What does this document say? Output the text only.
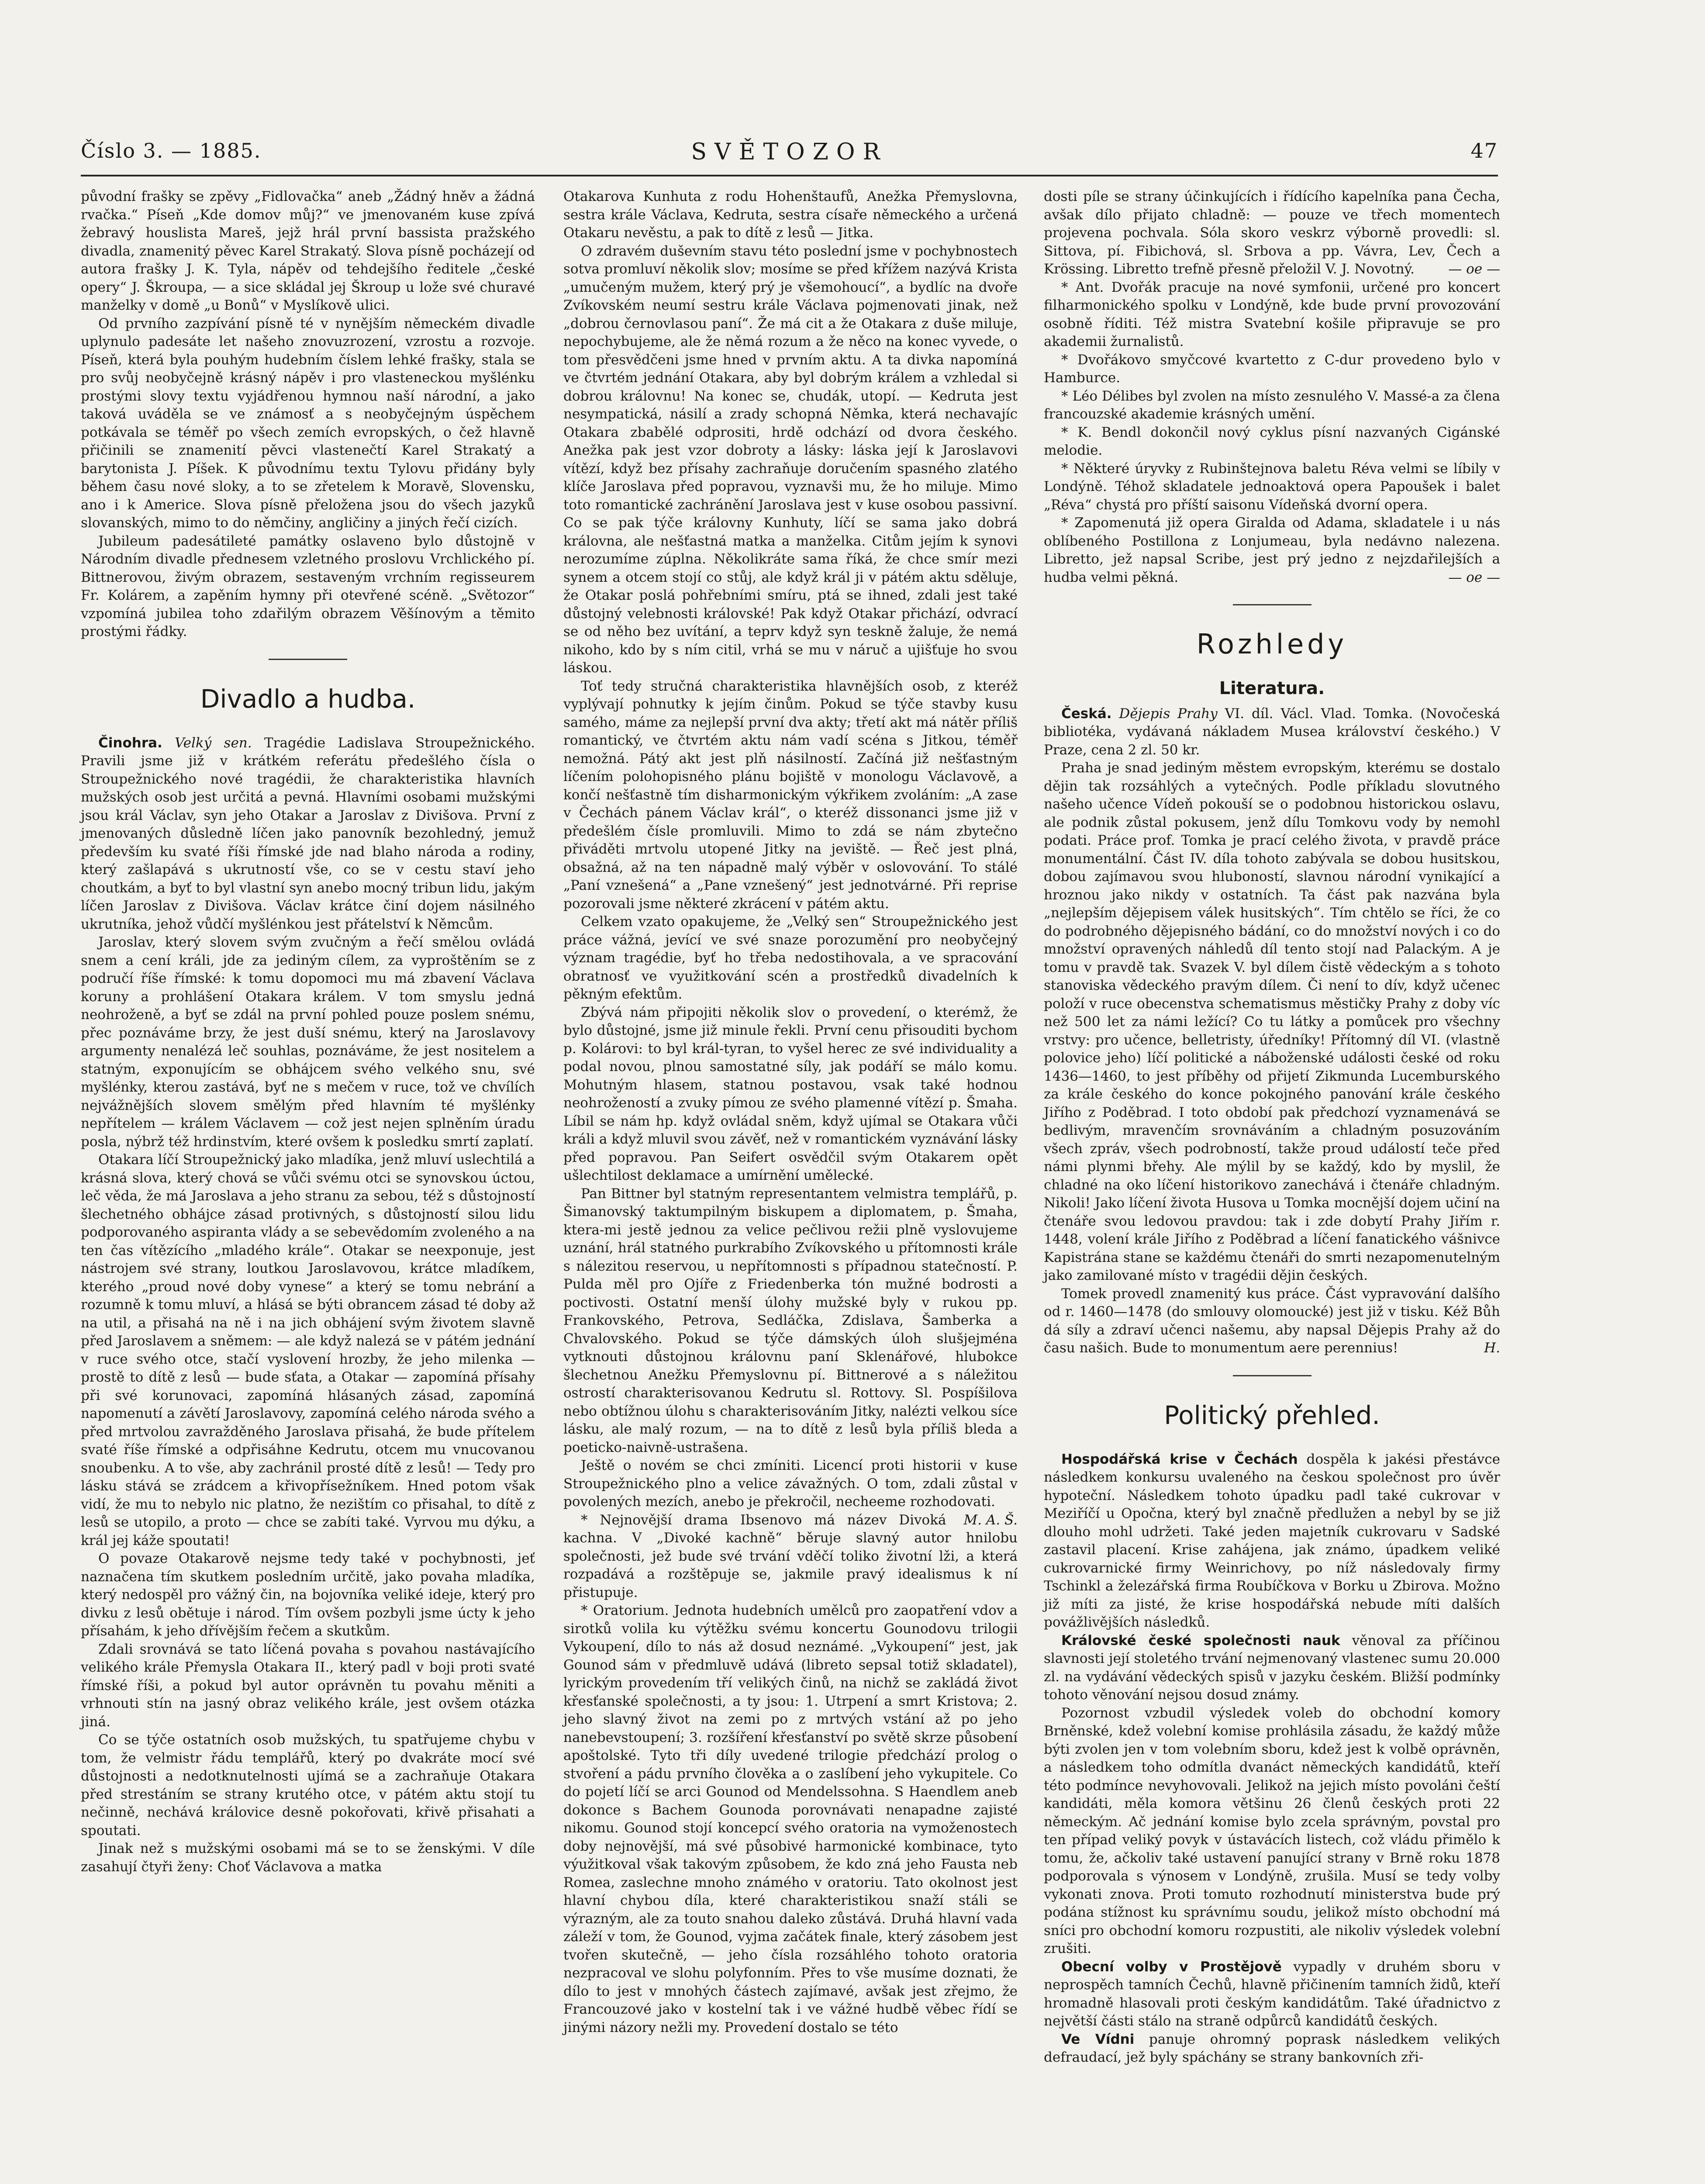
Číslo 3. — 1885.	SVĚTOZOR	47

původní frašky se zpěvy „Fidlovačka“ aneb „Žádný hněv a žádná rvačka.“ Píseň „Kde domov můj?“ ve jmenovaném kuse zpívá žebravý houslista Mareš, jejž hrál první bassista pražského divadla, znamenitý pěvec Karel Strakatý. Slova písně pocházejí od autora frašky J. K. Tyla, nápěv od tehdejšího ředitele „české opery“ J. Škroupa, — a sice skládal jej Škroup u lože své churavé manželky v domě „u Bonů“ v Myslíkově ulici.

Od prvního zazpívání písně té v nynějším německém divadle uplynulo padesáte let našeho znovuzrození, vzrostu a rozvoje. Píseň, která byla pouhým hudebním číslem lehké frašky, stala se pro svůj neobyčejně krásný nápěv i pro vlasteneckou myšlénku prostými slovy textu vyjádřenou hymnou naší národní, a jako taková uváděla se ve známosť a s neobyčejným úspěchem potkávala se téměř po všech zemích evropských, o čež hlavně přičinili se znamenití pěvci vlastenečtí Karel Strakatý a barytonista J. Píšek. K původnímu textu Tylovu přidány byly během času nové sloky, a to se zřetelem k Moravě, Slovensku, ano i k Americe. Slova písně přeložena jsou do všech jazyků slovanských, mimo to do němčiny, angličiny a jiných řečí cizích.

Jubileum padesátileté památky oslaveno bylo důstojně v Národním divadle přednesem vzletného proslovu Vrchlického pí. Bittnerovou, živým obrazem, sestaveným vrchním regisseurem Fr. Kolárem, a zapěním hymny při otevřené scéně. „Světozor“ vzpomíná jubilea toho zdařilým obrazem Věšínovým a těmito prostými řádky.

Divadlo a hudba.

Činohra. Velký sen. Tragédie Ladislava Stroupežnického. Pravili jsme již v krátkém referátu předešlého čísla o Stroupežnického nové tragédii, že charakteristika hlavních mužských osob jest určitá a pevná. Hlavními osobami mužskými jsou král Václav, syn jeho Otakar a Jaroslav z Divišova. První z jmenovaných důsledně líčen jako panovník bezohledný, jemuž především ku svaté říši římské jde nad blaho národa a rodiny, který zašlapává s ukrutností vše, co se v cestu staví jeho choutkám, a byť to byl vlastní syn anebo mocný tribun lidu, jakým líčen Jaroslav z Divišova. Václav krátce činí dojem násilného ukrutníka, jehož vůdčí myšlénkou jest přátelství k Němcům.

Jaroslav, který slovem svým zvučným a řečí smělou ovládá snem a cení králi, jde za jediným cílem, za vyproštěním se z područí říše římské: k tomu dopomoci mu má zbavení Václava koruny a prohlášení Otakara králem. V tom smyslu jedná neohroženě, a byť se zdál na první pohled pouze poslem snému, přec poznáváme brzy, že jest duší snému, který na Jaroslavovy argumenty nenalézá leč souhlas, poznáváme, že jest nositelem a statným, exponujícím se obhájcem svého velkého snu, své myšlénky, kterou zastává, byť ne s mečem v ruce, tož ve chvílích nejvážnějších slovem smělým před hlavním té myšlénky nepřítelem — králem Václavem — což jest nejen splněním úradu posla, nýbrž též hrdinstvím, které ovšem k posledku smrtí zaplatí.

Otakara líčí Stroupežnický jako mladíka, jenž mluví uslechtilá a krásná slova, který chová se vůči svému otci se synovskou úctou, leč věda, že má Jaroslava a jeho stranu za sebou, též s důstojností šlechetného obhájce zásad protivných, s důstojností silou lidu podporovaného aspiranta vlády a se sebevědomím zvoleného a na ten čas vítězícího „mladého krále“. Otakar se neexponuje, jest nástrojem své strany, loutkou Jaroslavovou, krátce mladíkem, kterého „proud nové doby vynese“ a který se tomu nebrání a rozumně k tomu mluví, a hlásá se býti obrancem zásad té doby až na util, a přisahá na ně i na jich obhájení svým životem slavně před Jaroslavem a sněmem: — ale když nalezá se v pátém jednání v ruce svého otce, stačí vyslovení hrozby, že jeho milenka — prostě to dítě z lesů — bude sťata, a Otakar — zapomíná přísahy při své korunovaci, zapomíná hlásaných zásad, zapomíná napomenutí a závětí Jaroslavovy, zapomíná celého národa svého a před mrtvolou zavražděného Jaroslava přisahá, že bude přítelem svaté říše římské a odpřisáhne Kedrutu, otcem mu vnucovanou snoubenku. A to vše, aby zachránil prosté dítě z lesů! — Tedy pro lásku stává se zrádcem a křivopřísežníkem. Hned potom však vidí, že mu to nebylo nic platno, že nezištím co přisahal, to dítě z lesů se utopilo, a proto — chce se zabíti také. Vyrvou mu dýku, a král jej káže spoutati!

O povaze Otakarově nejsme tedy také v pochybnosti, jeť naznačena tím skutkem posledním určitě, jako povaha mladíka, který nedospěl pro vážný čin, na bojovníka veliké ideje, který pro divku z lesů obětuje i národ. Tím ovšem pozbyli jsme úcty k jeho přísahám, k jeho dřívějším řečem a skutkům.

Zdali srovnává se tato líčená povaha s povahou nastávajícího velikého krále Přemysla Otakara II., který padl v boji proti svaté římské říši, a pokud byl autor oprávněn tu povahu měniti a vrhnouti stín na jasný obraz velikého krále, jest ovšem otázka jiná.

Co se týče ostatních osob mužských, tu spatřujeme chybu v tom, že velmistr řádu templářů, který po dvakráte mocí své důstojnosti a nedotknutelnosti ujímá se a zachraňuje Otakara před strestáním se strany krutého otce, v pátém aktu stojí tu nečinně, nechává královice desně pokořovati, křivě přisahati a spoutati.

Jinak než s mužskými osobami má se to se ženskými. V díle zasahují čtyři ženy: Choť Václavova a matka

Otakarova Kunhuta z rodu Hohenštaufů, Anežka Přemyslovna, sestra krále Václava, Kedruta, sestra císaře německého a určená Otakaru nevěstu, a pak to dítě z lesů — Jitka.

O zdravém duševním stavu této poslední jsme v pochybnostech sotva promluví několik slov; mosíme se před křížem nazývá Krista „umučeným mužem, který prý je všemohoucí“, a bydlíc na dvoře Zvíkovském neumí sestru krále Václava pojmenovati jinak, než „dobrou černovlasou paní“. Že má cit a že Otakara z duše miluje, nepochybujeme, ale že němá rozum a že něco na konec vyvede, o tom přesvědčeni jsme hned v prvním aktu. A ta divka napomíná ve čtvrtém jednání Otakara, aby byl dobrým králem a vzhledal si dobrou královnu! Na konec se, chudák, utopí. — Kedruta jest nesympatická, násilí a zrady schopná Němka, která nechavajíc Otakara zbabělé odprositi, hrdě odchází od dvora českého. Anežka pak jest vzor dobroty a lásky: láska její k Jaroslavovi vítězí, když bez přísahy zachraňuje doručením spasného zlatého klíče Jaroslava před popravou, vyznavši mu, že ho miluje. Mimo toto romantické zachránění Jaroslava jest v kuse osobou passivní. Co se pak týče královny Kunhuty, líčí se sama jako dobrá královna, ale nešťastná matka a manželka. Citům jejím k synovi nerozumíme zúplna. Několikráte sama říká, že chce smír mezi synem a otcem stojí co stůj, ale když král ji v pátém aktu sděluje, že Otakar poslá pohřebními smíru, ptá se ihned, zdali jest také důstojný velebnosti královské! Pak když Otakar přichází, odvrací se od něho bez uvítání, a teprv když syn teskně žaluje, že nemá nikoho, kdo by s ním citil, vrhá se mu v náruč a ujišťuje ho svou láskou.

Toť tedy stručná charakteristika hlavnějších osob, z kteréž vyplývají pohnutky k jejím činům. Pokud se týče stavby kusu samého, máme za nejlepší první dva akty; třetí akt má nátěr příliš romantický, ve čtvrtém aktu nám vadí scéna s Jitkou, téměř nemožná. Pátý akt jest plň násilností. Začíná již nešťastným líčením polohopisného plánu bojiště v monologu Václavově, a končí nešťastně tím disharmonickým výkřikem zvoláním: „A zase v Čechách pánem Václav král“, o kteréž dissonanci jsme již v předešlém čísle promluvili. Mimo to zdá se nám zbytečno přiváděti mrtvolu utopené Jitky na jeviště. — Řeč jest plná, obsažná, až na ten nápadně malý výběr v oslovování. To stálé „Paní vznešená“ a „Pane vznešený“ jest jednotvárné. Při reprise pozorovali jsme některé zkrácení v pátém aktu.

Celkem vzato opakujeme, že „Velký sen“ Stroupežnického jest práce vážná, jevící ve své snaze porozumění pro neobyčejný význam tragédie, byť ho třeba nedostihovala, a ve spracování obratnosť ve využitkování scén a prostředků divadelních k pěkným efektům.

Zbývá nám připojiti několik slov o provedení, o kterémž, že bylo důstojné, jsme již minule řekli. První cenu přisouditi bychom p. Kolárovi: to byl král-tyran, to vyšel herec ze své individuality a podal novou, plnou samostatné síly, jak podáří se málo komu. Mohutným hlasem, statnou postavou, vsak také hodnou neohrožeností a zvuky pímou ze svého plamenné vítězí p. Šmaha. Líbil se nám hp. když ovládal sněm, když ujímal se Otakara vůči králi a když mluvil svou závěť, než v romantickém vyznávání lásky před popravou. Pan Seifert osvědčil svým Otakarem opět ušlechtilost deklamace a umírnění umělecké.

Pan Bittner byl statným representantem velmistra templářů, p. Šimanovský taktumpilným biskupem a diplomatem, p. Šmaha, ktera-mi jestě jednou za velice pečlivou režii plně vyslovujeme uznání, hrál statného purkrabího Zvíkovského u přítomnosti krále s nálezitou reservou, u nepřítomnosti s případnou statečností. P. Pulda měl pro Ojíře z Friedenberka tón mužné bodrosti a poctivosti. Ostatní menší úlohy mužské byly v rukou pp. Frankovského, Petrova, Sedláčka, Zdislava, Šamberka a Chvalovského. Pokud se týče dámských úloh slušjejména vytknouti důstojnou královnu paní Sklenářové, hlubokce šlechetnou Anežku Přemyslovnu pí. Bittnerové a s náležitou ostrostí charakterisovanou Kedrutu sl. Rottovy. Sl. Pospíšilova nebo obtížnou úlohu s charakterisováním Jitky, nalézti velkou síce lásku, ale malý rozum, — na to dítě z lesů byla příliš bleda a poeticko-naivně-ustrašena.

Ještě o novém se chci zmíniti. Licencí proti historii v kuse Stroupežnického plno a velice závažných. O tom, zdali zůstal v povolených mezích, anebo je překročil, necheeme rozhodovati.
M. A. Š.

* Nejnovější drama Ibsenovo má název Divoká kachna. V „Divoké kachně“ běruje slavný autor hnilobu společnosti, jež bude své trvání vděčí toliko životní lži, a která rozpadává a rozštěpuje se, jakmile pravý idealismus k ní přistupuje.

* Oratorium. Jednota hudebních umělců pro zaopatření vdov a sirotků volila ku výtěžku svému koncertu Gounodovu trilogii Vykoupení, dílo to nás až dosud neznámé. „Vykoupení“ jest, jak Gounod sám v předmluvě udává (libreto sepsal totiž skladatel), lyrickým provedením tří velikých činů, na nichž se zakládá život křesťanské společnosti, a ty jsou: 1. Utrpení a smrt Kristova; 2. jeho slavný život na zemi po z mrtvých vstání až po jeho nanebevstoupení; 3. rozšíření křesťanství po světě skrze působení apoštolské. Tyto tři díly uvedené trilogie předchází prolog o stvoření a pádu prvního člověka a o zaslíbení jeho vykupitele. Co do pojetí líčí se arci Gounod od Mendelssohna. S Haendlem aneb dokonce s Bachem Gounoda porovnávati nenapadne zajisté nikomu. Gounod stojí koncepcí svého oratoria na vymoženostech doby nejnovější, má své působivé harmonické kombinace, tyto výužitkoval však takovým způsobem, že kdo zná jeho Fausta neb Romea, zaslechne mnoho známého v oratoriu. Tato okolnost jest hlavní chybou díla, které charakteristikou snaží stáli se výrazným, ale za touto snahou daleko zůstává. Druhá hlavní vada záleží v tom, že Gounod, vyjma začátek finale, který zásobem jest tvořen skutečně, — jeho čísla rozsáhlého tohoto oratoria nezpracoval ve slohu polyfonním. Přes to vše musíme doznati, že dílo to jest v mnohých částech zajímavé, avšak jest zřejmo, že Francouzové jako v kostelní tak i ve vážné hudbě věbec řídí se jinými názory nežli my. Provedení dostalo se této

dosti píle se strany účinkujících i řídícího kapelníka pana Čecha, avšak dílo přijato chladně: — pouze ve třech momentech projevena pochvala. Sóla skoro veskrz výborně provedli: sl. Sittova, pí. Fibichová, sl. Srbova a pp. Vávra, Lev, Čech a Krössing. Libretto trefně přesně přeložil V. J. Novotný. — oe —

* Ant. Dvořák pracuje na nové symfonii, určené pro koncert filharmonického spolku v Londýně, kde bude první provozování osobně říditi. Též mistra Svatební košile připravuje se pro akademii žurnalistů.

* Dvořákovo smyčcové kvartetto z C-dur provedeno bylo v Hamburce.

* Léo Délibes byl zvolen na místo zesnulého V. Massé-a za člena francouzské akademie krásných umění.

* K. Bendl dokončil nový cyklus písní nazvaných Cigánské melodie.

* Některé úryvky z Rubinštejnova baletu Réva velmi se líbily v Londýně. Téhož skladatele jednoaktová opera Papoušek i balet „Réva“ chystá pro příští saisonu Vídeňská dvorní opera.

* Zapomenutá již opera Giralda od Adama, skladatele i u nás oblíbeného Postillona z Lonjumeau, byla nedávno nalezena. Libretto, jež napsal Scribe, jest prý jedno z nejzdařilejších a hudba velmi pěkná.	— oe —

Rozhledy
Literatura.

Česká. Dějepis Prahy VI. díl. Václ. Vlad. Tomka. (Novočeská bibliotéka, vydávaná nákladem Musea království českého.) V Praze, cena 2 zl. 50 kr.

Praha je snad jediným městem evropským, kterému se dostalo dějin tak rozsáhlých a vytečných. Podle příkladu slovutného našeho učence Vídeň pokouší se o podobnou historickou oslavu, ale podnik zůstal pokusem, jenž dílu Tomkovu vody by nemohl podati. Práce prof. Tomka je prací celého života, v pravdě práce monumentální. Část IV. díla tohoto zabývala se dobou husitskou, dobou zajímavou svou hluboností, slavnou národní vynikající a hroznou jako nikdy v ostatních. Ta část pak nazvána byla „nejlepším dějepisem válek husitských“. Tím chtělo se říci, že co do podrobného dějepisného bádání, co do množství nových i co do množství opravených náhledů díl tento stojí nad Palackým. A je tomu v pravdě tak. Svazek V. byl dílem čistě vědeckým a s tohoto stanoviska vědeckého pravým dílem. Či není to dív, když učenec položí v ruce obecenstva schematismus městičky Prahy z doby víc než 500 let za námi ležící? Co tu látky a pomůcek pro všechny vrstvy: pro učence, belletristy, úředníky! Přítomný díl VI. (vlastně polovice jeho) líčí politické a náboženské události české od roku 1436—1460, to jest příběhy od přijetí Zikmunda Lucemburského za krále českého do konce pokojného panování krále českého Jiřího z Poděbrad. I toto období pak předchozí vyznamenává se bedlivým, mravenčím srovnáváním a chladným posuzováním všech zpráv, všech podrobností, takže proud událostí teče před námi plynmi břehy. Ale mýlil by se každý, kdo by myslil, že chladné na oko líčení historikovo zanechává i čtenáře chladným. Nikoli! Jako líčení života Husova u Tomka mocnější dojem učiní na čtenáře svou ledovou pravdou: tak i zde dobytí Prahy Jiřím r. 1448, volení krále Jiřího z Poděbrad a líčení fanatického vášnivce Kapistrána stane se každému čtenáři do smrti nezapomenutelným jako zamilované místo v tragédii dějin českých.

Tomek provedl znamenitý kus práce. Část vypravování dalšího od r. 1460—1478 (do smlouvy olomoucké) jest již v tisku. Kéž Bůh dá síly a zdraví učenci našemu, aby napsal Dějepis Prahy až do času našich. Bude to monumentum aere perennius!	H.

Politický přehled.

Hospodářská krise v Čechách dospěla k jakési přestávce následkem konkursu uvaleného na českou společnost pro úvěr hypoteční. Následkem tohoto úpadku padl také cukrovar v Meziříčí u Opočna, který byl značně předlužen a nebyl by se již dlouho mohl udržeti. Také jeden majetník cukrovaru v Sadské zastavil placení. Krise zahájena, jak známo, úpadkem veliké cukrovarnické firmy Weinrichovy, po níž následovaly firmy Tschinkl a železářská firma Roubíčkova v Borku u Zbirova. Možno již míti za jisté, že krise hospodářská nebude míti dalších povážlivějších následků.

Královské české společnosti nauk věnoval za příčinou slavnosti její stoletého trvání nejmenovaný vlastenec sumu 20.000 zl. na vydávání vědeckých spisů v jazyku českém. Bližší podmínky tohoto věnování nejsou dosud známy.

Pozornost vzbudil výsledek voleb do obchodní komory Brněnské, kdež volební komise prohlásila zásadu, že každý může býti zvolen jen v tom volebním sboru, kdež jest k volbě oprávněn, a následkem toho odmítla dvanáct německých kandidátů, kteří této podmínce nevyhovovali. Jelikož na jejich místo povoláni čeští kandidáti, měla komora většinu 26 členů českých proti 22 německým. Ač jednání komise bylo zcela správným, povstal pro ten případ veliký povyk v ústavácích listech, což vládu přimělo k tomu, že, ačkoliv také ustavení panující strany v Brně roku 1878 podporovala s výnosem v Londýně, zrušila. Musí se tedy volby vykonati znova. Proti tomuto rozhodnutí ministerstva bude prý podána stížnost ku správnímu soudu, jelikož místo obchodní má sníci pro obchodní komoru rozpustiti, ale nikoliv výsledek volební zrušiti.

Obecní volby v Prostějově vypadly v druhém sboru v neprospěch tamních Čechů, hlavně přičinením tamních židů, kteří hromadně hlasovali proti českým kandidátům. Také úřadnictvo z největší části stálo na straně odpůrců kandidátů českých.

Ve Vídni panuje ohromný poprask následkem velikých defraudací, jež byly spáchány se strany bankovních zři-
